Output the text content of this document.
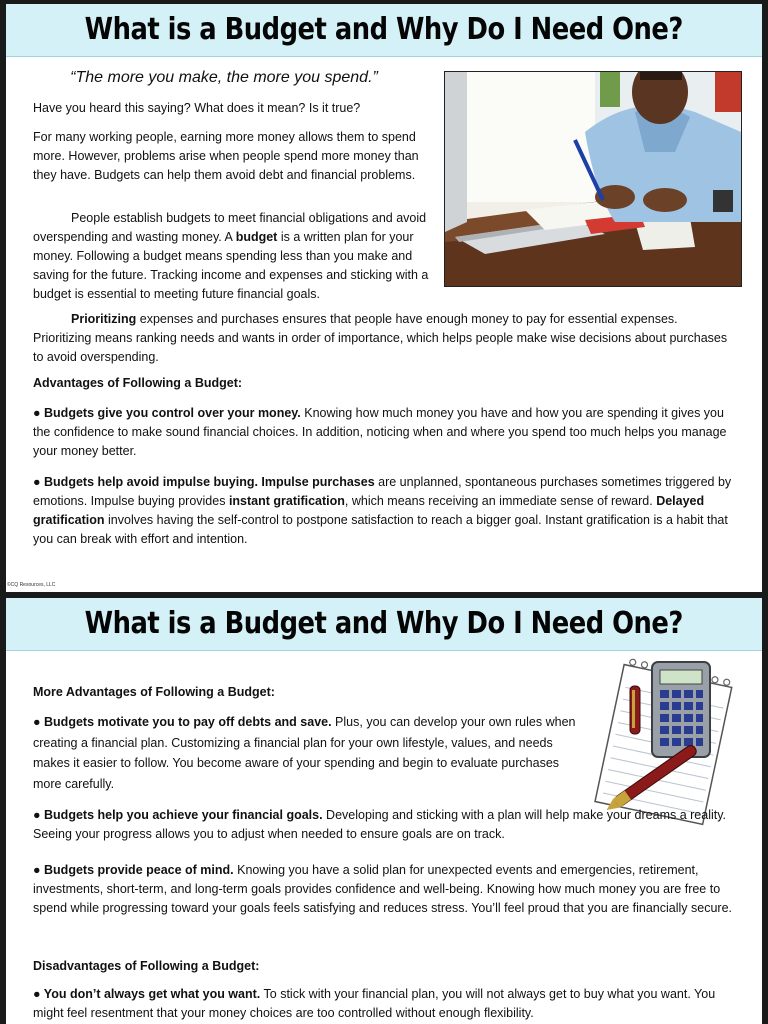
What is a Budget and Why Do I Need One?
“The more you make, the more you spend.”

Have you heard this saying? What does it mean? Is it true?

For many working people, earning more money allows them to spend more. However, problems arise when people spend more money than they have. Budgets can help them avoid debt and financial problems.

People establish budgets to meet financial obligations and avoid overspending and wasting money. A budget is a written plan for your money. Following a budget means spending less than you make and saving for the future. Tracking income and expenses and sticking with a budget is essential to meeting future financial goals.

Prioritizing expenses and purchases ensures that people have enough money to pay for essential expenses. Prioritizing means ranking needs and wants in order of importance, which helps people make wise decisions about purchases to avoid overspending.

Advantages of Following a Budget:

● Budgets give you control over your money. Knowing how much money you have and how you are spending it gives you the confidence to make sound financial choices. In addition, noticing when and where you spend too much helps you manage your money better.

● Budgets help avoid impulse buying. Impulse purchases are unplanned, spontaneous purchases sometimes triggered by emotions. Impulse buying provides instant gratification, which means receiving an immediate sense of reward. Delayed gratification involves having the self-control to postpone satisfaction to reach a bigger goal. Instant gratification is a habit that you can break with effort and intention.

©CQ Resources, LLC
What is a Budget and Why Do I Need One?

More Advantages of Following a Budget:

● Budgets motivate you to pay off debts and save. Plus, you can develop your own rules when creating a financial plan. Customizing a financial plan for your own lifestyle, values, and needs makes it easier to follow. You become aware of your spending and begin to evaluate purchases more carefully.

● Budgets help you achieve your financial goals. Developing and sticking with a plan will help make your dreams a reality. Seeing your progress allows you to adjust when needed to ensure goals are on track.

● Budgets provide peace of mind. Knowing you have a solid plan for unexpected events and emergencies, retirement, investments, short-term, and long-term goals provides confidence and well-being. Knowing how much money you are free to spend while progressing toward your goals feels satisfying and reduces stress. You’ll feel proud that you are financially secure.

Disadvantages of Following a Budget:

● You don’t always get what you want. To stick with your financial plan, you will not always get to buy what you want. You might feel resentment that your money choices are too controlled without enough flexibility.
